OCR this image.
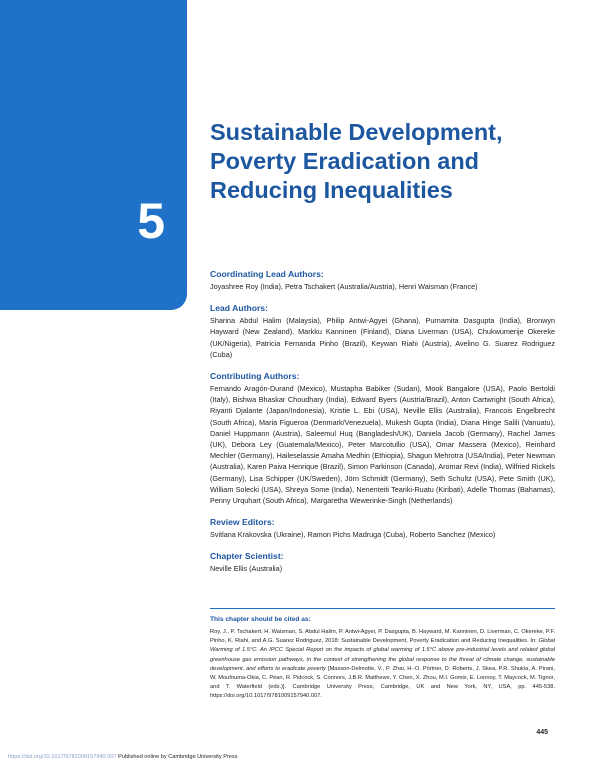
5
Sustainable Development, Poverty Eradication and Reducing Inequalities
Coordinating Lead Authors:

Joyashree Roy (India), Petra Tschakert (Australia/Austria), Henri Waisman (France)

Lead Authors:

Sharina Abdul Halim (Malaysia), Philip Antwi-Agyei (Ghana), Purnamita Dasgupta (India), Bronwyn Hayward (New Zealand), Markku Kanninen (Finland), Diana Liverman (USA), Chukwumerije Okereke (UK/Nigeria), Patricia Fernanda Pinho (Brazil), Keywan Riahi (Austria), Avelino G. Suarez Rodriguez (Cuba)

Contributing Authors:

Fernando Aragón-Durand (Mexico), Mustapha Babiker (Sudan), Mook Bangalore (USA), Paolo Bertoldi (Italy), Bishwa Bhaskar Choudhary (India), Edward Byers (Austria/Brazil), Anton Cartwright (South Africa), Riyanti Djalante (Japan/Indonesia), Kristie L. Ebi (USA), Neville Ellis (Australia), Francois Engelbrecht (South Africa), Maria Figueroa (Denmark/Venezuela), Mukesh Gupta (India), Diana Hinge Salili (Vanuatu), Daniel Huppmann (Austria), Saleemul Huq (Bangladesh/UK), Daniela Jacob (Germany), Rachel James (UK), Debora Ley (Guatemala/Mexico), Peter Marcotullio (USA), Omar Massera (Mexico), Reinhard Mechler (Germany), Haileselassie Amaha Medhin (Ethiopia), Shagun Mehrotra (USA/India), Peter Newman (Australia), Karen Paiva Henrique (Brazil), Simon Parkinson (Canada), Aromar Revi (India), Wilfried Rickels (Germany), Lisa Schipper (UK/Sweden), Jörn Schmidt (Germany), Seth Schultz (USA), Pete Smith (UK), William Solecki (USA), Shreya Some (India), Nenenteiti Teariki-Ruatu (Kiribati), Adelle Thomas (Bahamas), Penny Urquhart (South Africa), Margaretha Wewerinke-Singh (Netherlands)

Review Editors:

Svitlana Krakovska (Ukraine), Ramon Pichs Madruga (Cuba), Roberto Sanchez (Mexico)

Chapter Scientist:

Neville Ellis (Australia)

This chapter should be cited as:

Roy, J., P. Tschakert, H. Waisman, S. Abdul Halim, P. Antwi-Agyei, P. Dasgupta, B. Hayward, M. Kanninen, D. Liverman, C. Okereke, P.F. Pinho, K. Riahi, and A.G. Suarez Rodriguez, 2018: Sustainable Development, Poverty Eradication and Reducing Inequalities. In: Global Warming of 1.5°C. An IPCC Special Report on the impacts of global warming of 1.5°C above pre-industrial levels and related global greenhouse gas emission pathways, in the context of strengthening the global response to the threat of climate change, sustainable development, and efforts to eradicate poverty [Masson-Delmotte, V., P. Zhai, H.-O. Pörtner, D. Roberts, J. Skea, P.R. Shukla, A. Pirani, W. Moufouma-Okia, C. Péan, R. Pidcock, S. Connors, J.B.R. Matthews, Y. Chen, X. Zhou, M.I. Gomis, E. Lonnoy, T. Maycock, M. Tignor, and T. Waterfield (eds.)]. Cambridge University Press, Cambridge, UK and New York, NY, USA, pp. 445-538. https://doi.org/10.1017/9781009157940.007.

445
https://doi.org/10.1017/9781009157940.007 Published online by Cambridge University Press
